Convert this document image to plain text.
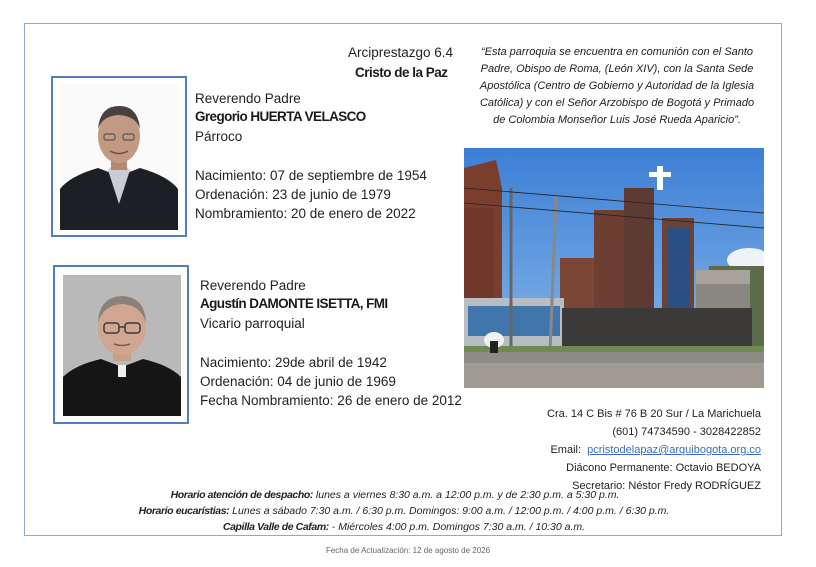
Arciprestazgo 6.4
Cristo de la Paz
“Esta parroquia se encuentra en comunión con el Santo Padre, Obispo de Roma, (León XIV), con la Santa Sede Apostólica (Centro de Gobierno y Autoridad de la Iglesia Católica) y con el Señor Arzobispo de Bogotá y Primado de Colombia Monseñor Luis José Rueda Aparicio”.
Reverendo Padre
Gregorio HUERTA VELASCO
Párroco
Nacimiento: 07 de septiembre de 1954
Ordenación: 23 de junio de 1979
Nombramiento: 20 de enero de 2022
Reverendo Padre
Agustín DAMONTE ISETTA, FMI
Vicario parroquial
Nacimiento: 29de abril de 1942
Ordenación: 04 de junio de 1969
Fecha Nombramiento: 26 de enero de 2012
Cra. 14 C Bis # 76 B 20 Sur / La Marichuela
(601) 74734590 - 3028422852
Email: pcristodelapaz@arquibogota.org.co
Diácono Permanente: Octavio BEDOYA
Secretario: Néstor Fredy RODRÍGUEZ
Horario atención de despacho: lunes a viernes 8:30 a.m. a 12:00 p.m. y de 2:30 p.m. a 5:30 p.m.
Horario eucarístias: Lunes a sábado 7:30 a.m. / 6:30 p.m. Domingos: 9:00 a.m. / 12:00 p.m. / 4:00 p.m. / 6:30 p.m.
Capilla Valle de Cafam: - Miércoles 4:00 p.m. Domingos 7:30 a.m. / 10:30 a.m.
Fecha de Actualización: 12 de agosto de 2026
